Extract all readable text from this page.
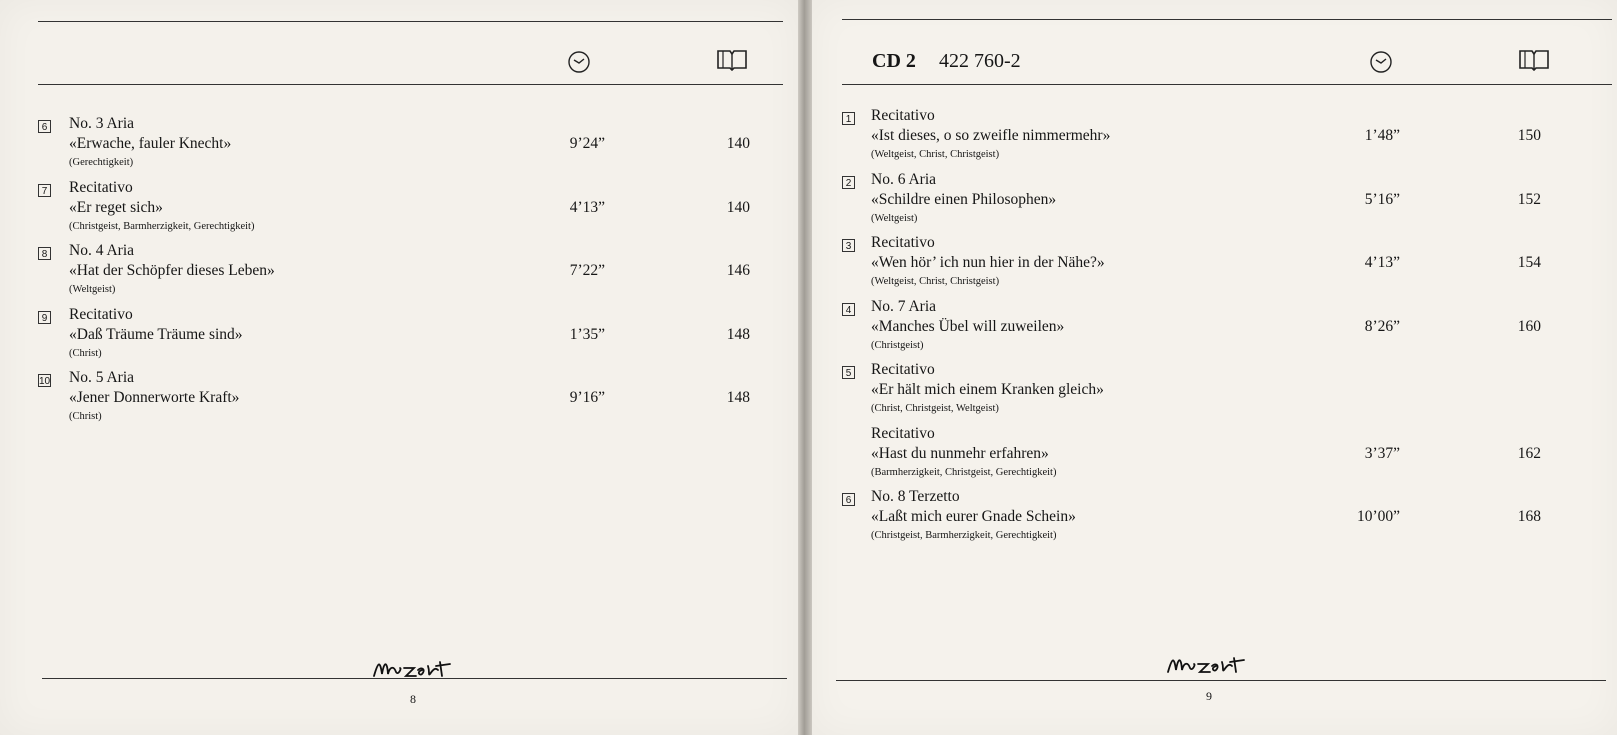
6 No. 3 Aria
«Erwache, fauler Knecht»
(Gerechtigkeit)
9’24”	140
7 Recitativo
«Er reget sich»
(Christgeist, Barmherzigkeit, Gerechtigkeit)
4’13”	140
8 No. 4 Aria
«Hat der Schöpfer dieses Leben»
(Weltgeist)
7’22”	146
9 Recitativo
«Daß Träume Träume sind»
(Christ)
1’35”	148
10 No. 5 Aria
«Jener Donnerworte Kraft»
(Christ)
9’16”	148
8
CD 2 422 760-2
1 Recitativo
«Ist dieses, o so zweifle nimmermehr»
(Weltgeist, Christ, Christgeist)
1’48”	150
2 No. 6 Aria
«Schildre einen Philosophen»
(Weltgeist)
5’16”	152
3 Recitativo
«Wen hör’ ich nun hier in der Nähe?»
(Weltgeist, Christ, Christgeist)
4’13”	154
4 No. 7 Aria
«Manches Übel will zuweilen»
(Christgeist)
8’26”	160
5 Recitativo
«Er hält mich einem Kranken gleich»
(Christ, Christgeist, Weltgeist)
Recitativo
«Hast du nunmehr erfahren»
(Barmherzigkeit, Christgeist, Gerechtigkeit)
3’37”	162
6 No. 8 Terzetto
«Laßt mich eurer Gnade Schein»
(Christgeist, Barmherzigkeit, Gerechtigkeit)
10’00”	168
9
